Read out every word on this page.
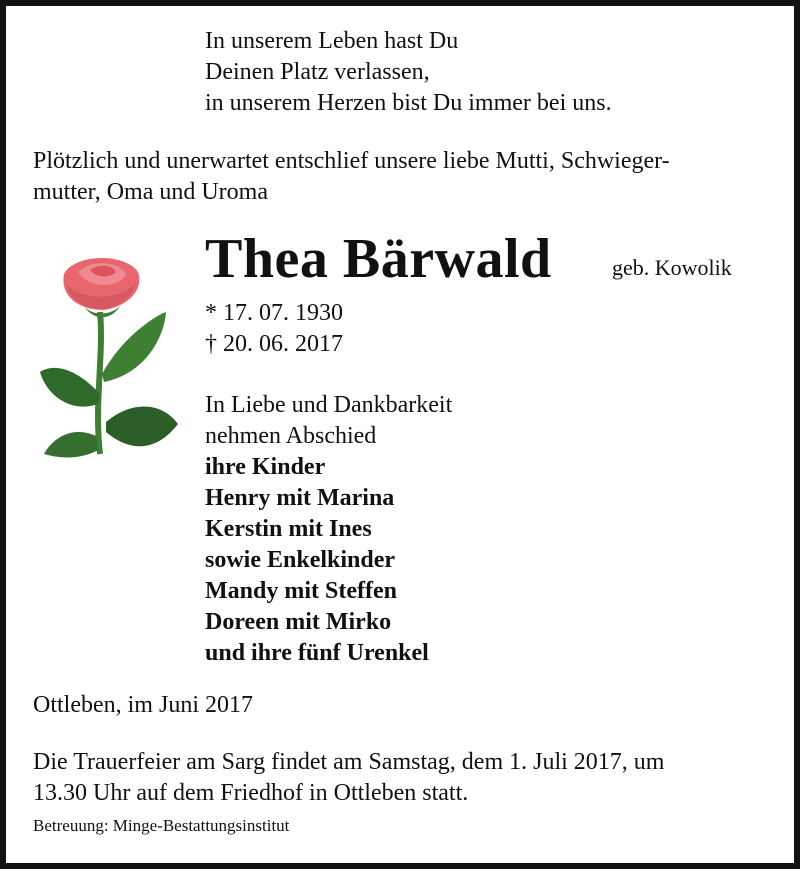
In unserem Leben hast Du
Deinen Platz verlassen,
in unserem Herzen bist Du immer bei uns.
Plötzlich und unerwartet entschlief unsere liebe Mutti, Schwieger-
mutter, Oma und Uroma
Thea Bärwald	geb. Kowolik
* 17. 07. 1930
† 20. 06. 2017
In Liebe und Dankbarkeit
nehmen Abschied
ihre Kinder
Henry mit Marina
Kerstin mit Ines
sowie Enkelkinder
Mandy mit Steffen
Doreen mit Mirko
und ihre fünf Urenkel
Ottleben, im Juni 2017
Die Trauerfeier am Sarg findet am Samstag, dem 1. Juli 2017, um
13.30 Uhr auf dem Friedhof in Ottleben statt.
Betreuung: Minge-Bestattungsinstitut
